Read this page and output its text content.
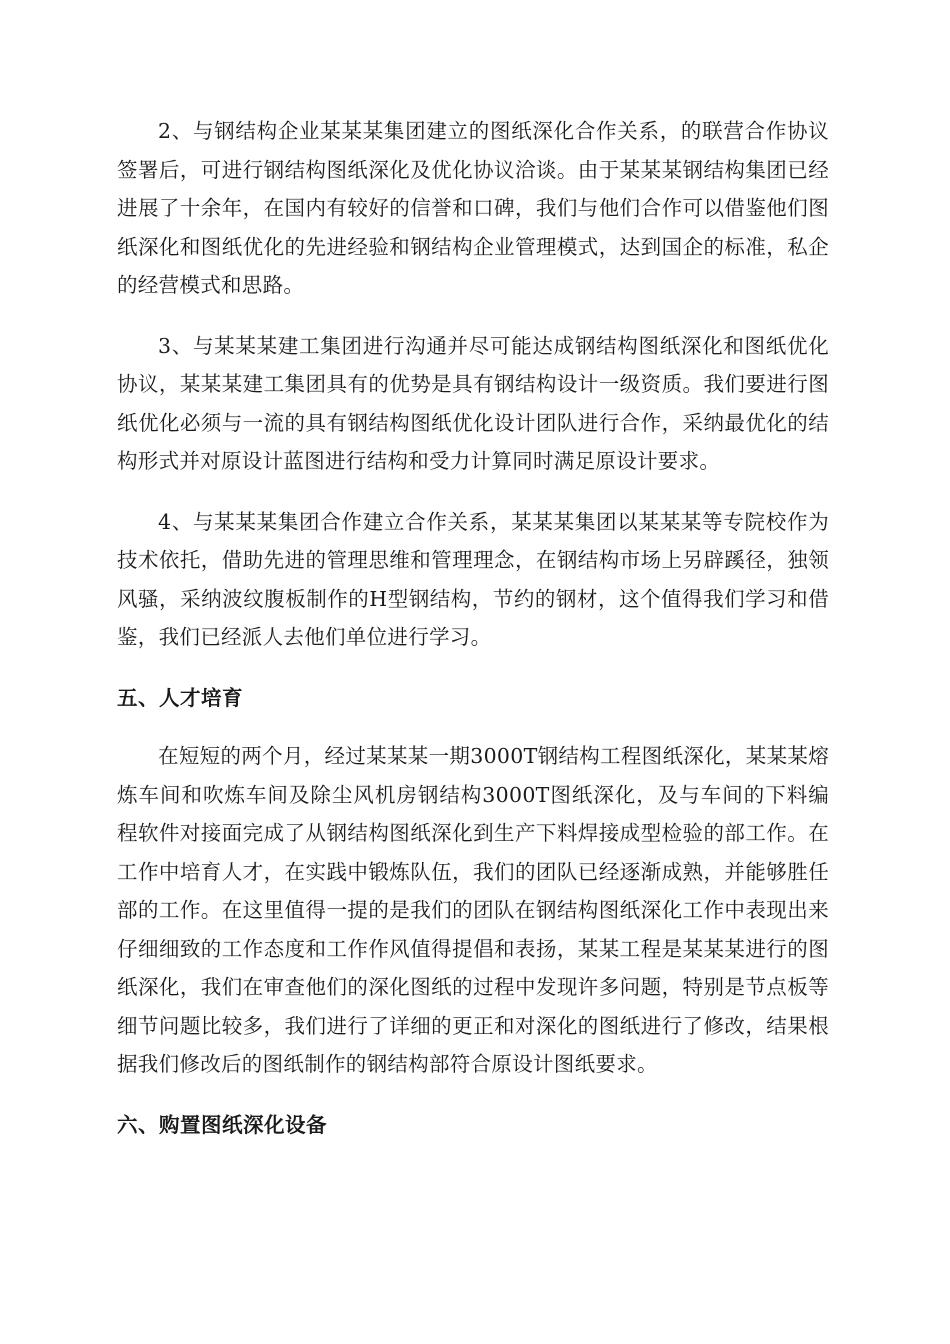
2、与钢结构企业某某某集团建立的图纸深化合作关系，的联营合作协议签署后，可进行钢结构图纸深化及优化协议洽谈。由于某某某钢结构集团已经进展了十余年，在国内有较好的信誉和口碑，我们与他们合作可以借鉴他们图纸深化和图纸优化的先进经验和钢结构企业管理模式，达到国企的标准，私企的经营模式和思路。

3、与某某某建工集团进行沟通并尽可能达成钢结构图纸深化和图纸优化协议，某某某建工集团具有的优势是具有钢结构设计一级资质。我们要进行图纸优化必须与一流的具有钢结构图纸优化设计团队进行合作，采纳最优化的结构形式并对原设计蓝图进行结构和受力计算同时满足原设计要求。

4、与某某某集团合作建立合作关系，某某某集团以某某某等专院校作为技术依托，借助先进的管理思维和管理理念，在钢结构市场上另辟蹊径，独领风骚，采纳波纹腹板制作的H型钢结构，节约的钢材，这个值得我们学习和借鉴，我们已经派人去他们单位进行学习。

五、人才培育

在短短的两个月，经过某某某一期3000T钢结构工程图纸深化，某某某熔炼车间和吹炼车间及除尘风机房钢结构3000T图纸深化，及与车间的下料编程软件对接面完成了从钢结构图纸深化到生产下料焊接成型检验的部工作。在工作中培育人才，在实践中锻炼队伍，我们的团队已经逐渐成熟，并能够胜任部的工作。在这里值得一提的是我们的团队在钢结构图纸深化工作中表现出来仔细细致的工作态度和工作作风值得提倡和表扬，某某工程是某某某进行的图纸深化，我们在审查他们的深化图纸的过程中发现许多问题，特别是节点板等细节问题比较多，我们进行了详细的更正和对深化的图纸进行了修改，结果根据我们修改后的图纸制作的钢结构部符合原设计图纸要求。

六、购置图纸深化设备
